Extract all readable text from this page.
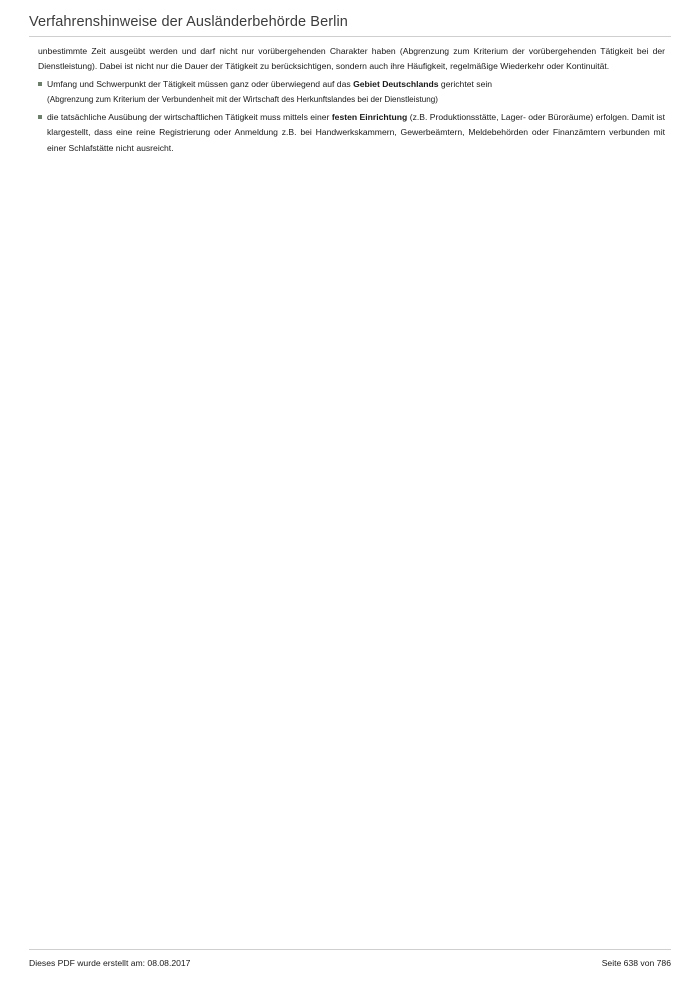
Verfahrenshinweise der Ausländerbehörde Berlin

unbestimmte Zeit ausgeübt werden und darf nicht nur vorübergehenden Charakter haben (Abgrenzung zum Kriterium der vorübergehenden Tätigkeit bei der Dienstleistung). Dabei ist nicht nur die Dauer der Tätigkeit zu berücksichtigen, sondern auch ihre Häufigkeit, regelmäßige Wiederkehr oder Kontinuität.

Umfang und Schwerpunkt der Tätigkeit müssen ganz oder überwiegend auf das Gebiet Deutschlands gerichtet sein
(Abgrenzung zum Kriterium der Verbundenheit mit der Wirtschaft des Herkunftslandes bei der Dienstleistung)
die tatsächliche Ausübung der wirtschaftlichen Tätigkeit muss mittels einer festen Einrichtung (z.B. Produktionsstätte, Lager- oder Büroräume) erfolgen. Damit ist klargestellt, dass eine reine Registrierung oder Anmeldung z.B. bei Handwerkskammern, Gewerbeämtern, Meldebehörden oder Finanzämtern verbunden mit einer Schlafstätte nicht ausreicht.
Dieses PDF wurde erstellt am: 08.08.2017	Seite 638 von 786
